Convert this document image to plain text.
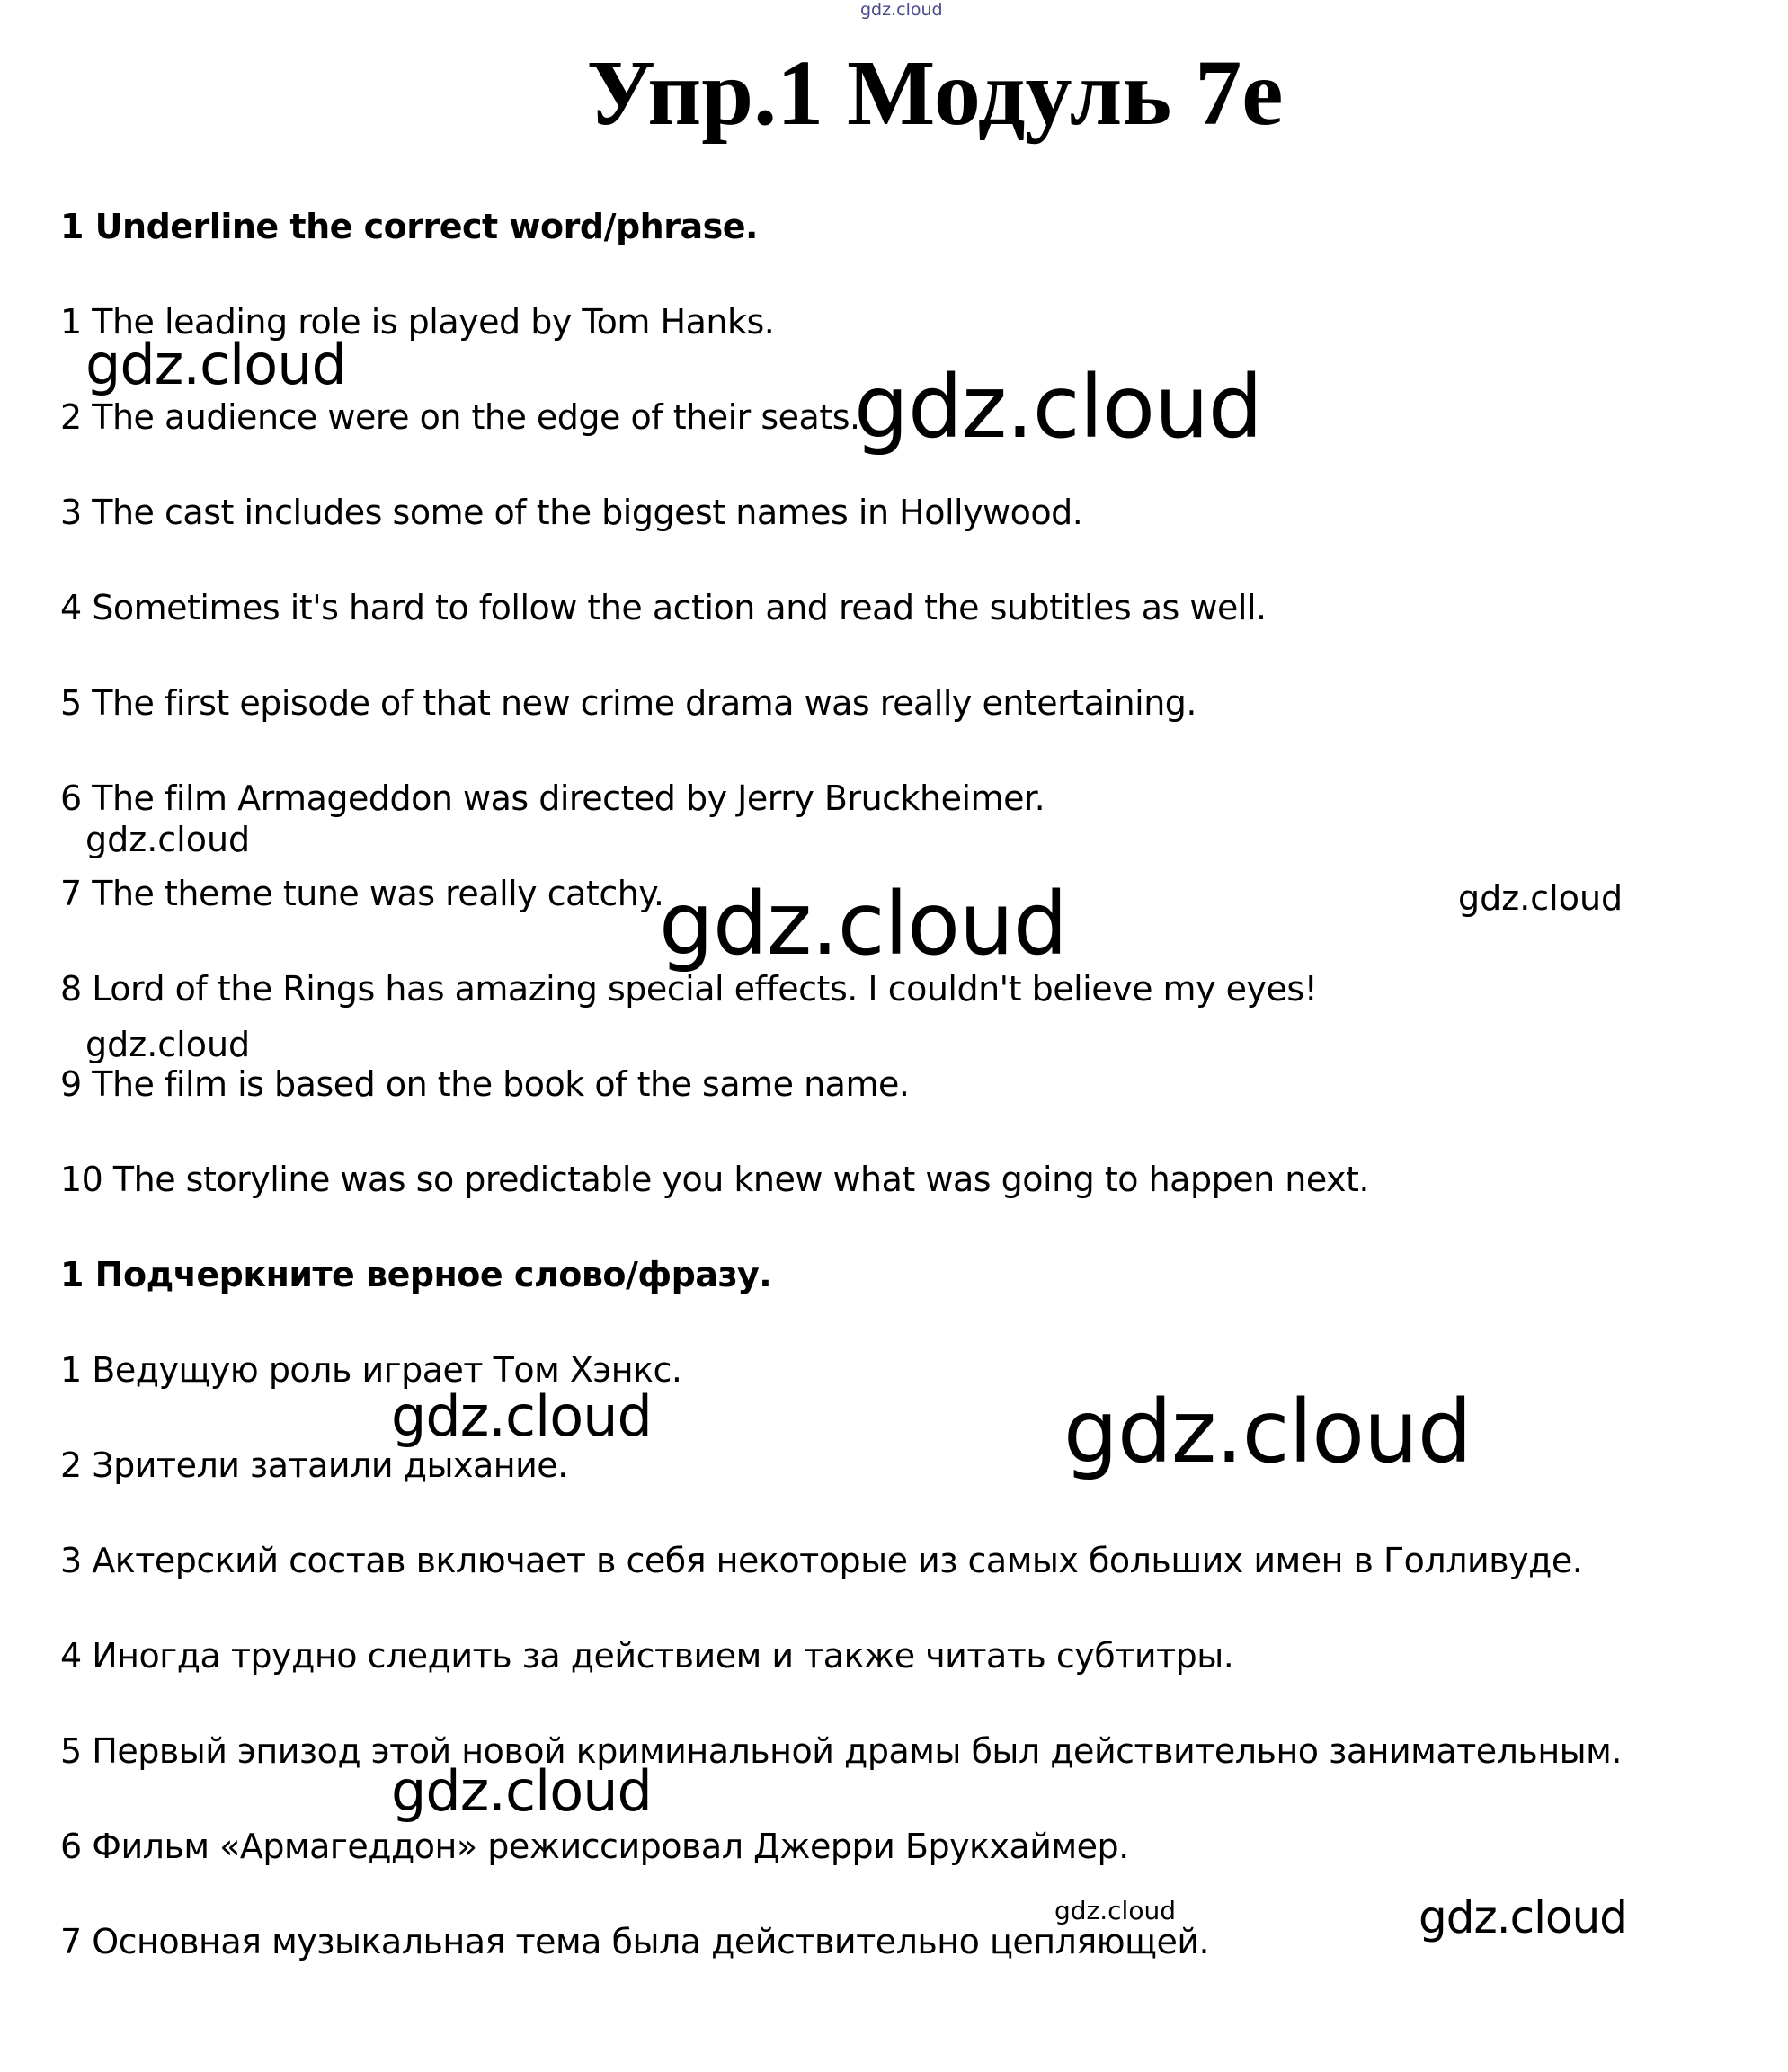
gdz.cloud
Упр.1 Модуль 7е
1 Underline the correct word/phrase.
1 The leading role is played by Tom Hanks.
2 The audience were on the edge of their seats.
3 The cast includes some of the biggest names in Hollywood.
4 Sometimes it's hard to follow the action and read the subtitles as well.
5 The first episode of that new crime drama was really entertaining.
6 The film Armageddon was directed by Jerry Bruckheimer.
7 The theme tune was really catchy.
8 Lord of the Rings has amazing special effects. I couldn't believe my eyes!
9 The film is based on the book of the same name.
10 The storyline was so predictable you knew what was going to happen next.
1 Подчеркните верное слово/фразу.
1 Ведущую роль играет Том Хэнкс.
2 Зрители затаили дыхание.
3 Актерский состав включает в себя некоторые из самых больших имен в Голливуде.
4 Иногда трудно следить за действием и также читать субтитры.
5 Первый эпизод этой новой криминальной драмы был действительно занимательным.
6 Фильм «Армагеддон» режиссировал Джерри Брукхаймер.
7 Основная музыкальная тема была действительно цепляющей.
gdz.cloud	gdz.cloud
gdz.cloud
gdz.cloud	gdz.cloud
gdz.cloud
gdz.cloud	gdz.cloud
gdz.cloud
gdz.cloud	gdz.cloud
